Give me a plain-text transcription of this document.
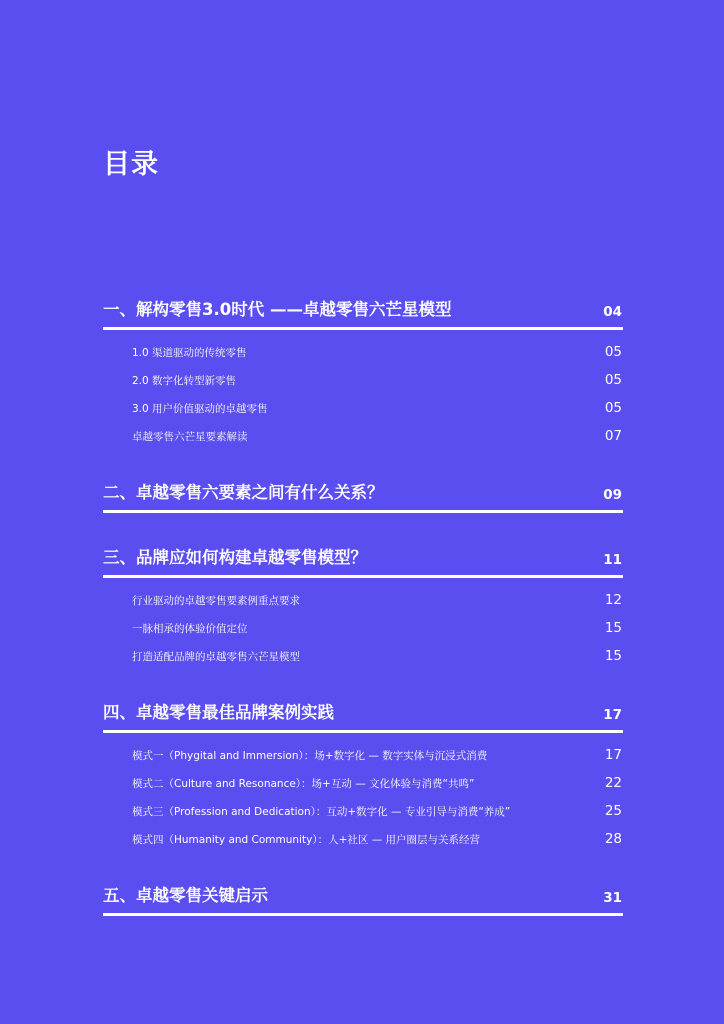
目录
一、解构零售3.0时代 ——卓越零售六芒星模型	04
1.0 渠道驱动的传统零售	05
2.0 数字化转型新零售	05
3.0 用户价值驱动的卓越零售	05
卓越零售六芒星要素解读	07
二、卓越零售六要素之间有什么关系？	09
三、品牌应如何构建卓越零售模型？	11
行业驱动的卓越零售要素例重点要求	12
一脉相承的体验价值定位	15
打造适配品牌的卓越零售六芒星模型	15
四、卓越零售最佳品牌案例实践	17
模式一（Phygital and Immersion）：场+数字化 — 数字实体与沉浸式消费	17
模式二（Culture and Resonance）：场+互动 — 文化体验与消费“共鸣”	22
模式三（Profession and Dedication）：互动+数字化 — 专业引导与消费“养成”	25
模式四（Humanity and Community）：人+社区 — 用户圈层与关系经营	28
五、卓越零售关键启示	31
